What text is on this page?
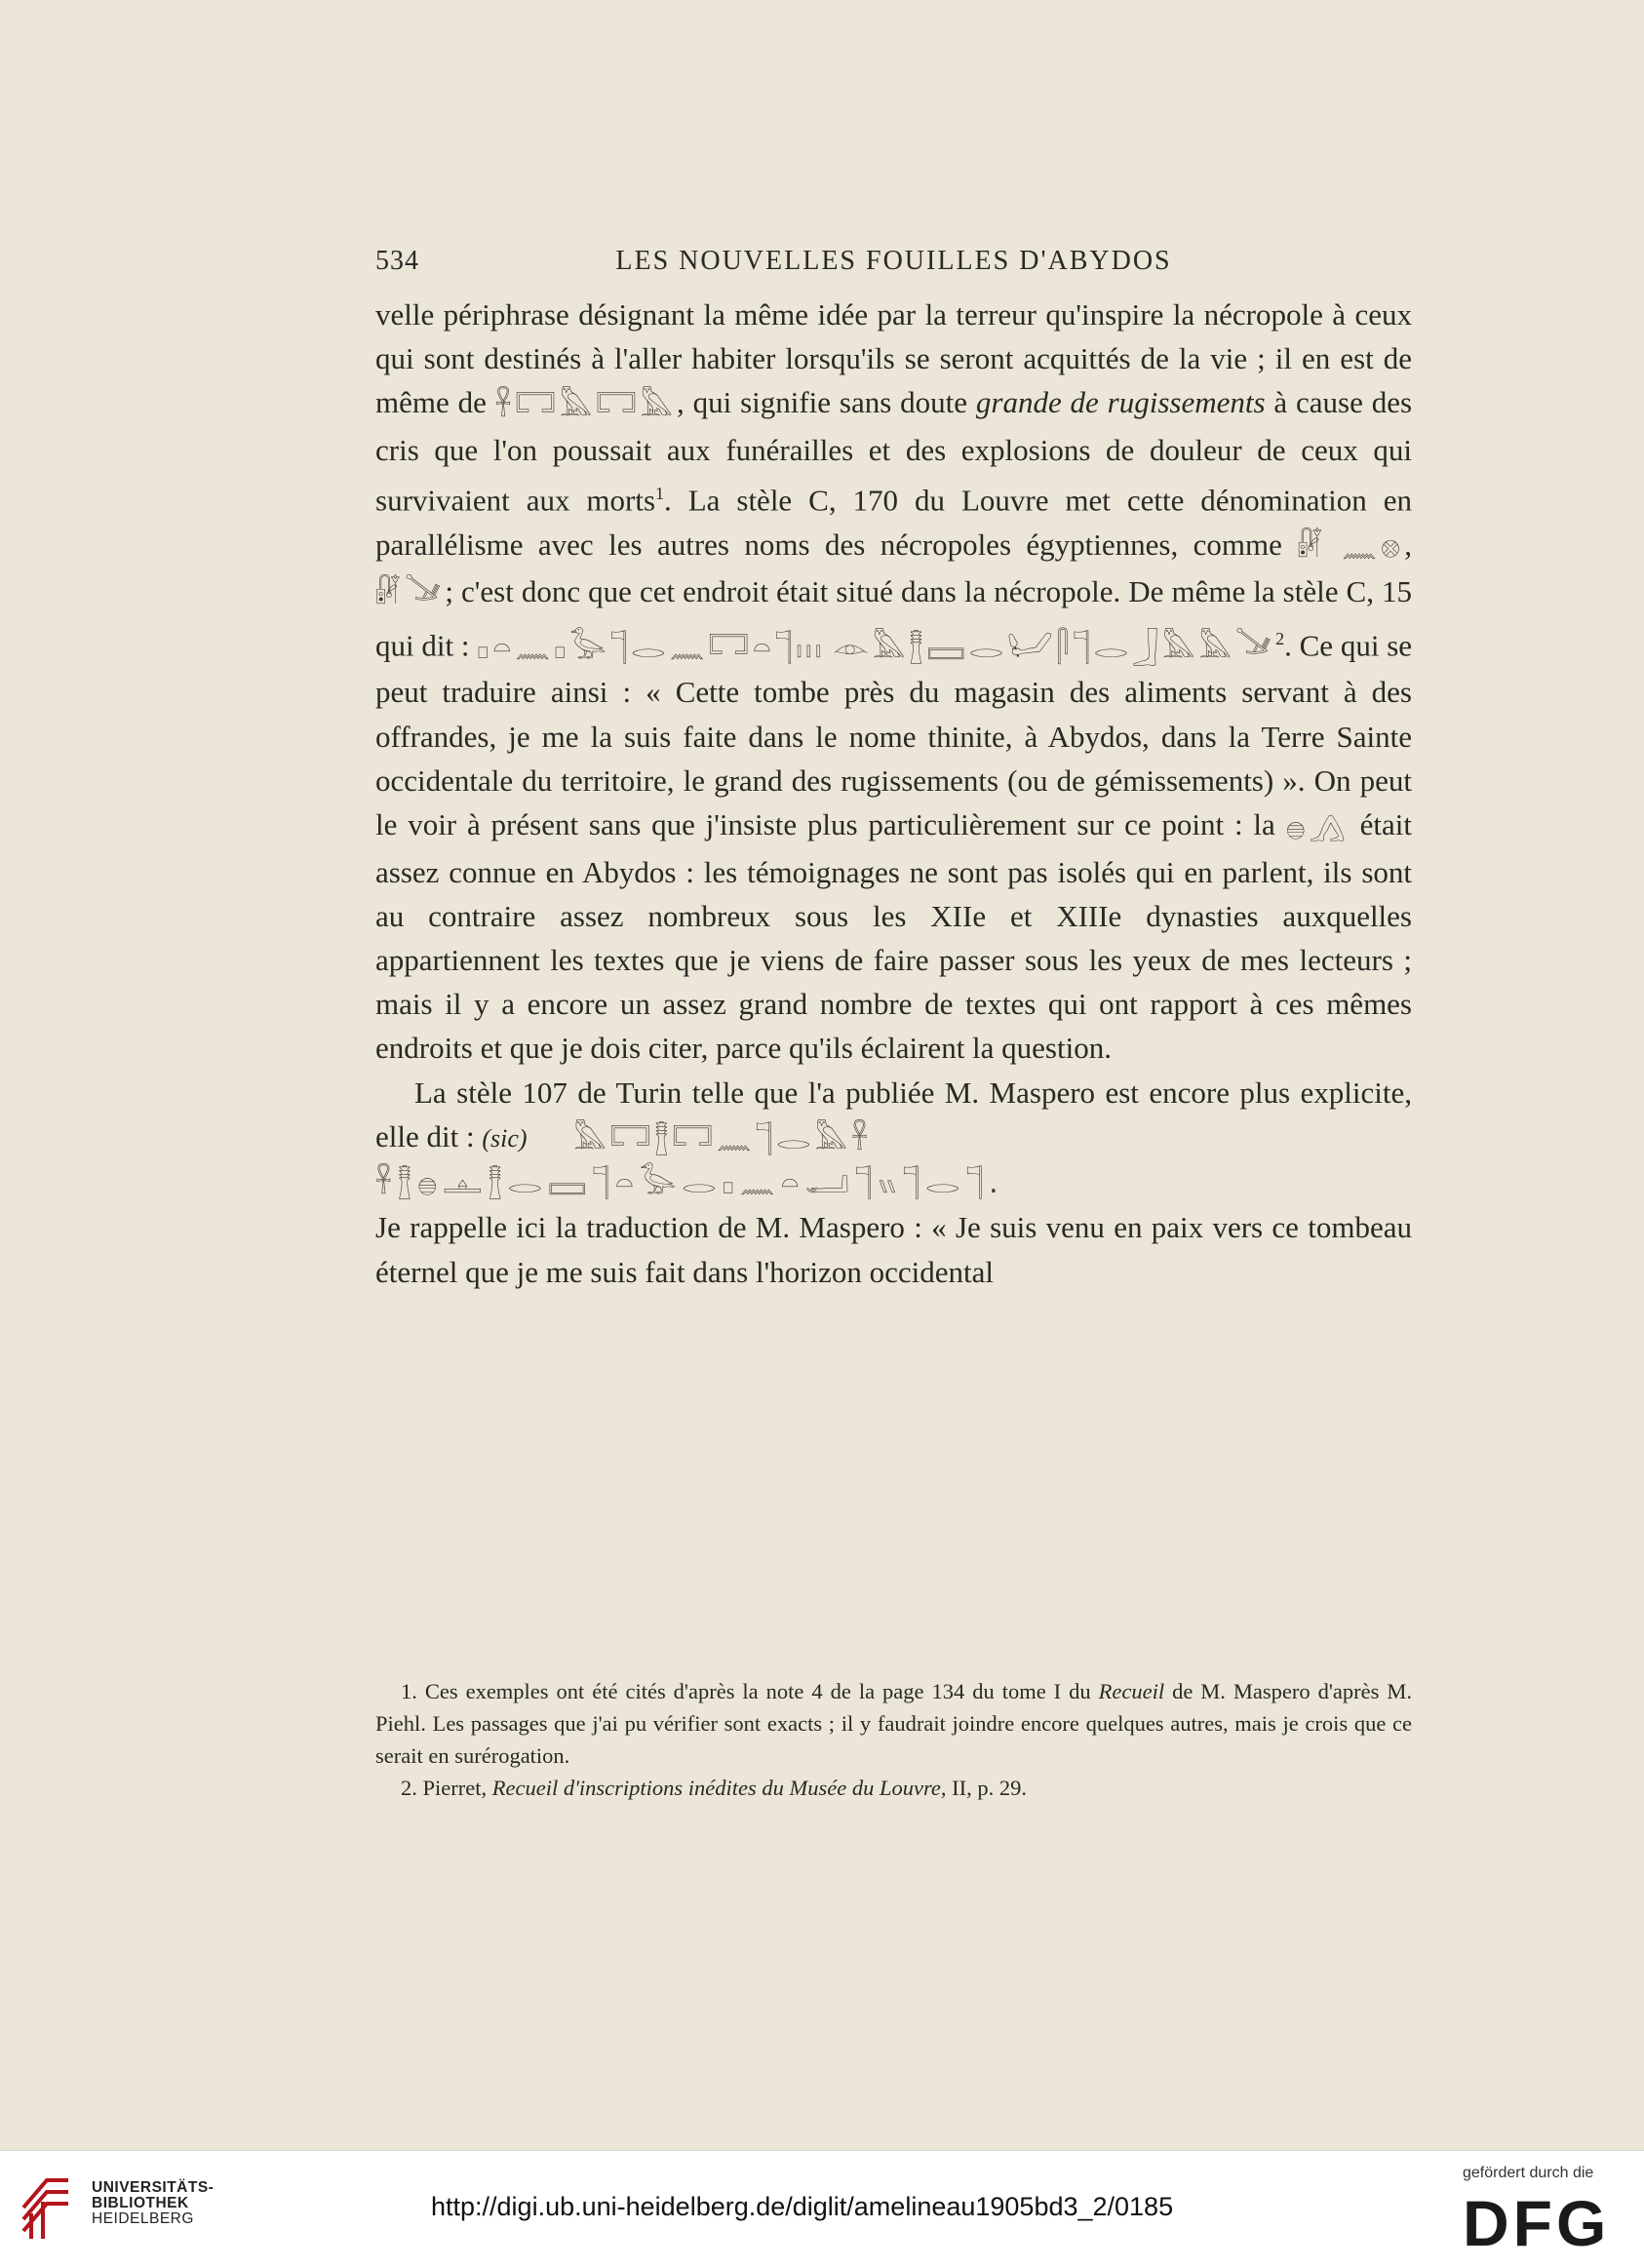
534	LES NOUVELLES FOUILLES D'ABYDOS

velle périphrase désignant la même idée par la terreur qu'inspire la nécropole à ceux qui sont destinés à l'aller habiter lorsqu'ils se seront acquittés de la vie ; il en est de même de 𓋹𓉐𓅓𓉐𓅓, qui signifie sans doute grande de rugissements à cause des cris que l'on poussait aux funérailles et des explosions de douleur de ceux qui survivaient aux morts$^1$. La stèle C, 170 du Louvre met cette dénomination en parallélisme avec les autres noms des nécropoles égyptiennes, comme 𓏞 𓈖𓊖, 𓏞𓍁; c'est donc que cet endroit était situé dans la nécropole. De même la stèle C, 15 qui dit : 𓊪𓏏𓈖𓊪𓅭𓊹𓂋𓈖𓉐𓏏𓊹𓏥 𓁹𓅓𓊽𓈙𓂋𓂦𓋴𓊹𓂋𓃀𓅓𓅓𓍁$^2$. Ce qui se peut traduire ainsi : « Cette tombe près du magasin des aliments servant à des offrandes, je me la suis faite dans le nome thinite, à Abydos, dans la Terre Sainte occidentale du territoire, le grand des rugissements (ou de gémissements) ». On peut le voir à présent sans que j'insiste plus particulièrement sur ce point : la 𓐍𓂻 était assez connue en Abydos : les témoignages ne sont pas isolés qui en parlent, ils sont au contraire assez nombreux sous les XIIe et XIIIe dynasties auxquelles appartiennent les textes que je viens de faire passer sous les yeux de mes lecteurs ; mais il y a encore un assez grand nombre de textes qui ont rapport à ces mêmes endroits et que je dois citer, parce qu'ils éclairent la question.

La stèle 107 de Turin telle que l'a publiée M. Maspero est encore plus explicite, elle dit : (sic) 𓅓𓉐𓊽𓉐𓈖𓊹𓂋𓅓𓋹

𓋹𓊽𓐍𓊵𓊽𓂋𓈙𓊹𓏏𓅭𓂋𓊪𓈖𓏏𓂝𓊹𓏭𓊹𓂋𓊹.

Je rappelle ici la traduction de M. Maspero : « Je suis venu en paix vers ce tombeau éternel que je me suis fait dans l'horizon occidental

1. Ces exemples ont été cités d'après la note 4 de la page 134 du tome I du Recueil de M. Maspero d'après M. Piehl. Les passages que j'ai pu vérifier sont exacts ; il y faudrait joindre encore quelques autres, mais je crois que ce serait en surérogation.

2. Pierret, Recueil d'inscriptions inédites du Musée du Louvre, II, p. 29.

UNIVERSITÄTS-
BIBLIOTHEK
HEIDELBERG	http://digi.ub.uni-heidelberg.de/diglit/amelineau1905bd3_2/0185
gefördert durch die
DFG
